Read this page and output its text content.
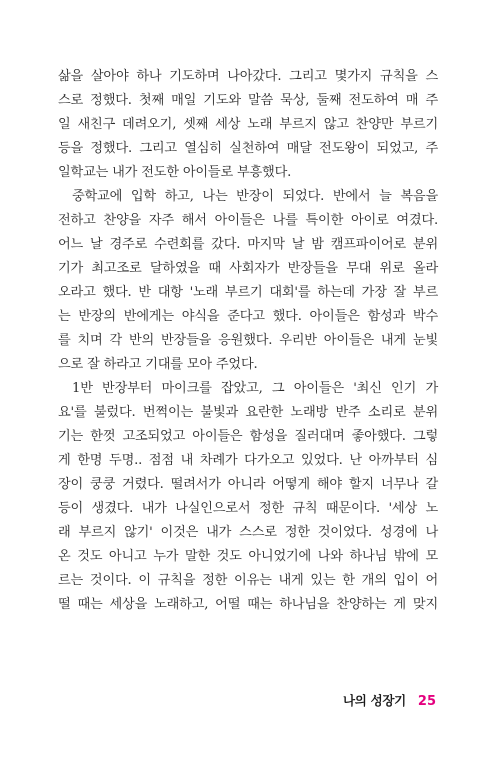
삶을 살아야 하나 기도하며 나아갔다. 그리고 몇가지 규칙을 스
스로 정했다. 첫째 매일 기도와 말씀 묵상, 둘째 전도하여 매 주
일 새친구 데려오기, 셋째 세상 노래 부르지 않고 찬양만 부르기
등을 정했다. 그리고 열심히 실천하여 매달 전도왕이 되었고, 주
일학교는 내가 전도한 아이들로 부흥했다.
중학교에 입학 하고, 나는 반장이 되었다. 반에서 늘 복음을
전하고 찬양을 자주 해서 아이들은 나를 특이한 아이로 여겼다.
어느 날 경주로 수련회를 갔다. 마지막 날 밤 캠프파이어로 분위
기가 최고조로 달하였을 때 사회자가 반장들을 무대 위로 올라
오라고 했다. 반 대항 '노래 부르기 대회'를 하는데 가장 잘 부르
는 반장의 반에게는 야식을 준다고 했다. 아이들은 함성과 박수
를 치며 각 반의 반장들을 응원했다. 우리반 아이들은 내게 눈빛
으로 잘 하라고 기대를 모아 주었다.
1반 반장부터 마이크를 잡았고, 그 아이들은 '최신 인기 가
요'를 불렀다. 번쩍이는 불빛과 요란한 노래방 반주 소리로 분위
기는 한껏 고조되었고 아이들은 함성을 질러대며 좋아했다. 그렇
게 한명 두명.. 점점 내 차례가 다가오고 있었다. 난 아까부터 심
장이 쿵쿵 거렸다. 떨려서가 아니라 어떻게 해야 할지 너무나 갈
등이 생겼다. 내가 나실인으로서 정한 규칙 때문이다. '세상 노
래 부르지 않기' 이것은 내가 스스로 정한 것이었다. 성경에 나
온 것도 아니고 누가 말한 것도 아니었기에 나와 하나님 밖에 모
르는 것이다. 이 규칙을 정한 이유는 내게 있는 한 개의 입이 어
떨 때는 세상을 노래하고, 어떨 때는 하나님을 찬양하는 게 맞지
나의 성장기 25
